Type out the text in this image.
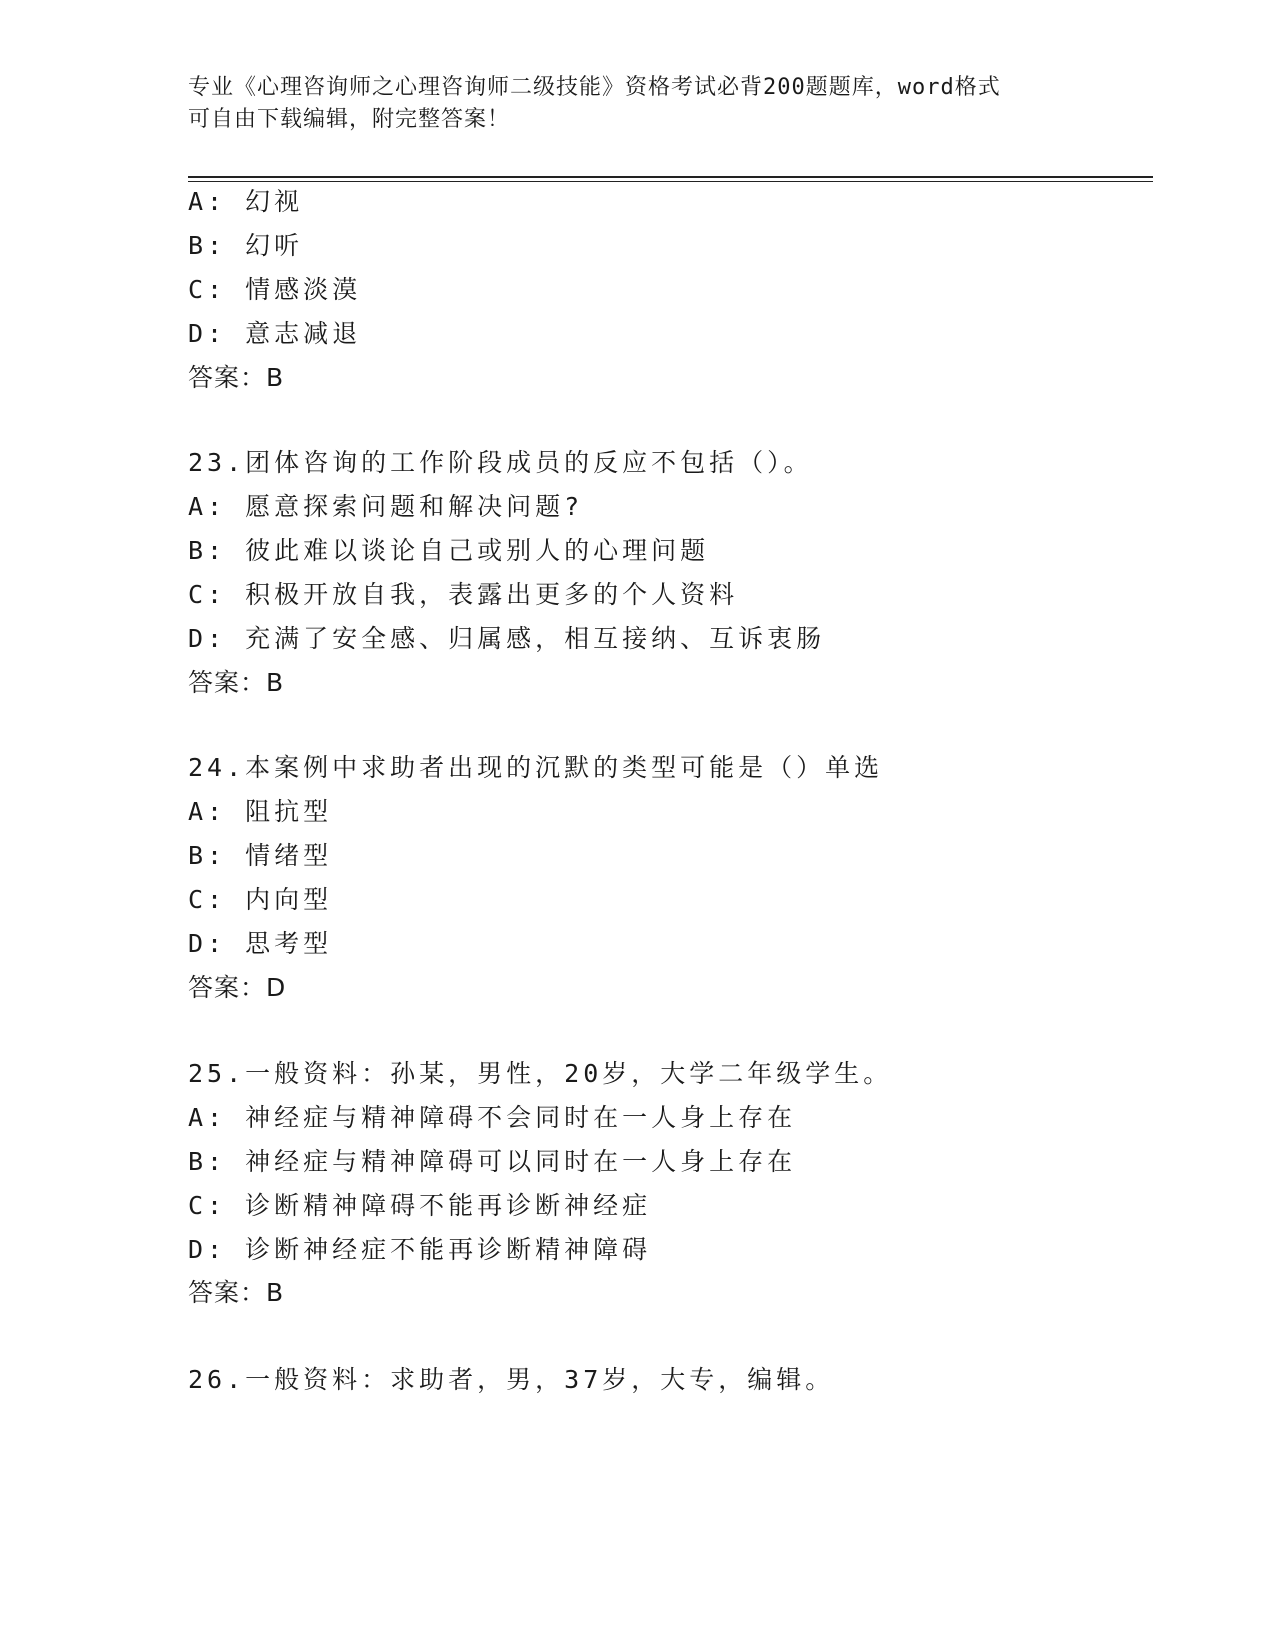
专业《心理咨询师之心理咨询师二级技能》资格考试必背200题题库，word格式
可自由下载编辑，附完整答案！
A: 幻视
B: 幻听
C: 情感淡漠
D: 意志减退
答案：B
23.团体咨询的工作阶段成员的反应不包括（）。
A: 愿意探索问题和解决问题?
B: 彼此难以谈论自己或别人的心理问题
C: 积极开放自我，表露出更多的个人资料
D: 充满了安全感、归属感，相互接纳、互诉衷肠
答案：B
24.本案例中求助者出现的沉默的类型可能是（）单选
A: 阻抗型
B: 情绪型
C: 内向型
D: 思考型
答案：D
25.一般资料：孙某，男性，20岁，大学二年级学生。
A: 神经症与精神障碍不会同时在一人身上存在
B: 神经症与精神障碍可以同时在一人身上存在
C: 诊断精神障碍不能再诊断神经症
D: 诊断神经症不能再诊断精神障碍
答案：B
26.一般资料：求助者，男，37岁，大专，编辑。
